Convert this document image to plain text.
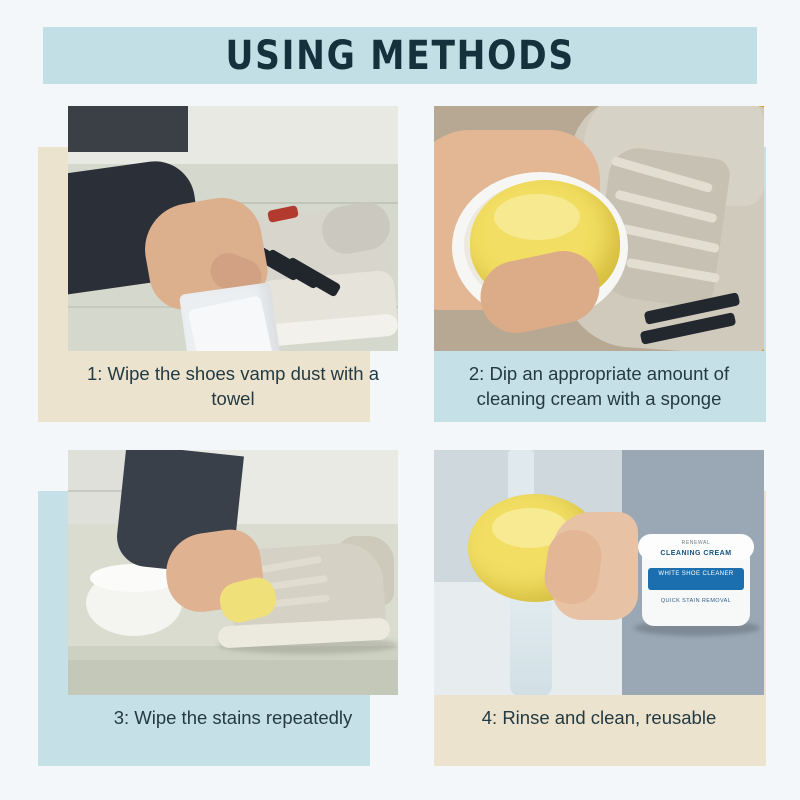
USING METHODS
1: Wipe the shoes vamp dust with a towel
2: Dip an appropriate amount of cleaning cream with a sponge
3: Wipe the stains repeatedly
RENEWAL
CLEANING CREAM
WHITE SHOE CLEANER
QUICK STAIN REMOVAL
4: Rinse and clean, reusable
